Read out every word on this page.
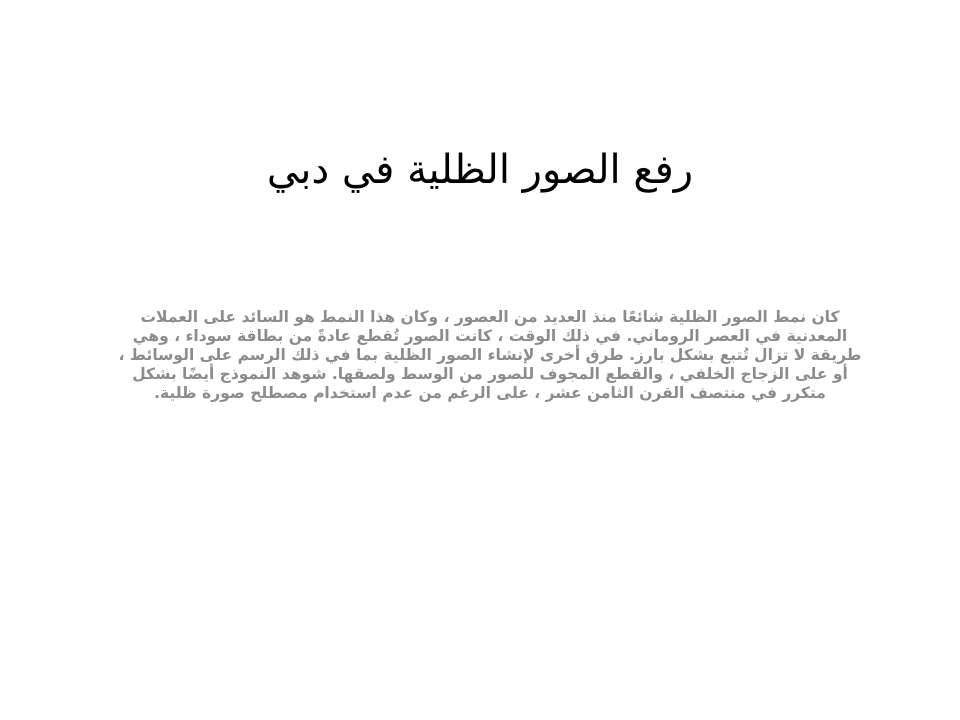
رفع الصور الظلية في دبي

كان نمط الصور الظلية شائعًا منذ العديد من العصور ، وكان هذا النمط هو السائد على العملات المعدنية في العصر الروماني. في ذلك الوقت ، كانت الصور تُقطع عادةً من بطاقة سوداء ، وهي طريقة لا تزال تُتبع بشكل بارز. طرق أخرى لإنشاء الصور الظلية بما في ذلك الرسم على الوسائط ، أو على الزجاج الخلفي ، والقطع المجوف للصور من الوسط ولصقها. شوهد النموذج أيضًا بشكل متكرر في منتصف القرن الثامن عشر ، على الرغم من عدم استخدام مصطلح صورة ظلية.
